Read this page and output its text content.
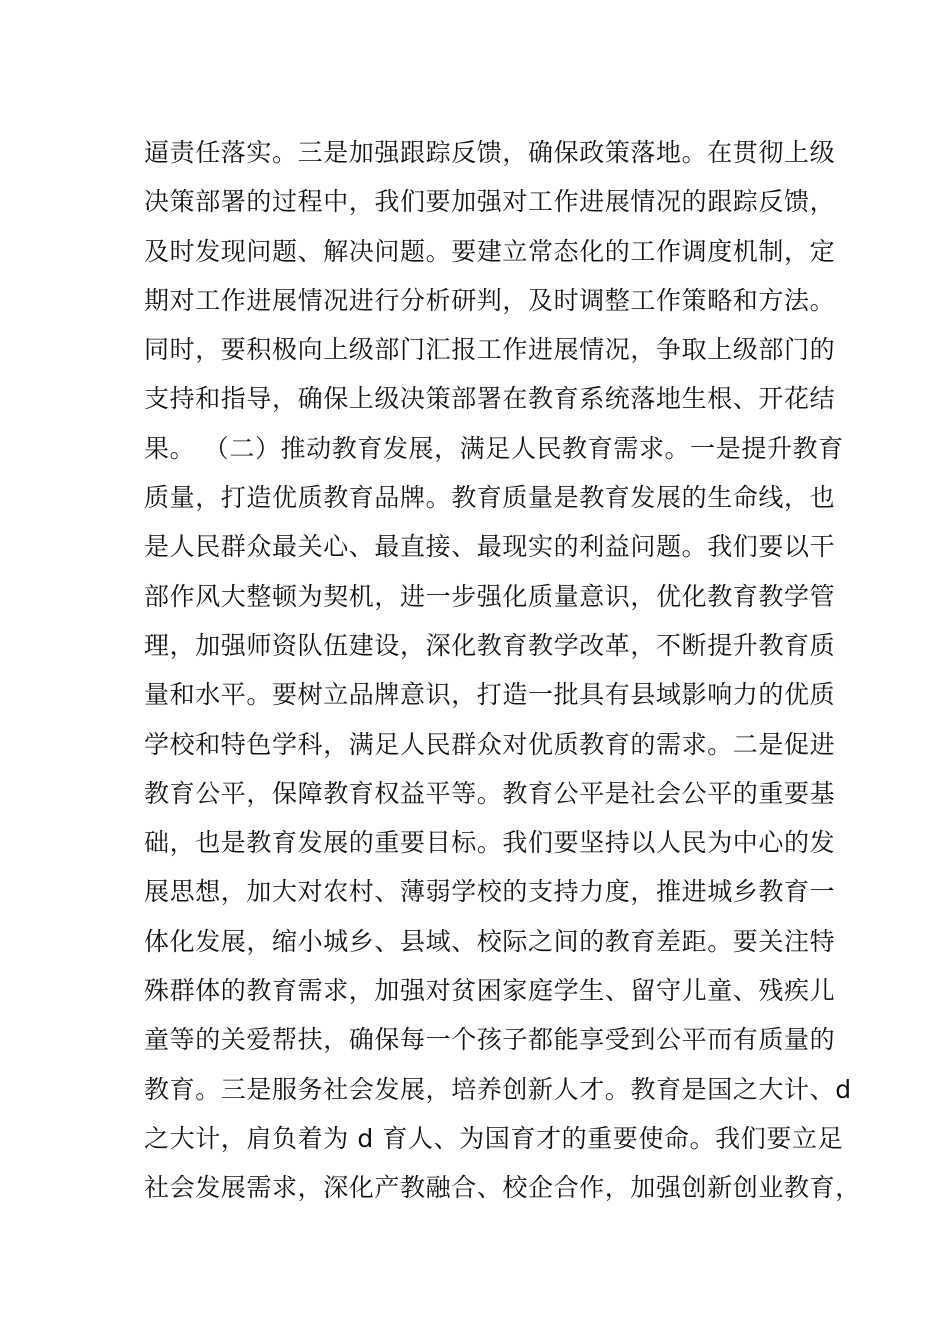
逼责任落实。三是加强跟踪反馈，确保政策落地。在贯彻上级
决策部署的过程中，我们要加强对工作进展情况的跟踪反馈，
及时发现问题、解决问题。要建立常态化的工作调度机制，定
期对工作进展情况进行分析研判，及时调整工作策略和方法。
同时，要积极向上级部门汇报工作进展情况，争取上级部门的
支持和指导，确保上级决策部署在教育系统落地生根、开花结
果。 （二）推动教育发展，满足人民教育需求。一是提升教育
质量，打造优质教育品牌。教育质量是教育发展的生命线，也
是人民群众最关心、最直接、最现实的利益问题。我们要以干
部作风大整顿为契机，进一步强化质量意识，优化教育教学管
理，加强师资队伍建设，深化教育教学改革，不断提升教育质
量和水平。要树立品牌意识，打造一批具有县域影响力的优质
学校和特色学科，满足人民群众对优质教育的需求。二是促进
教育公平，保障教育权益平等。教育公平是社会公平的重要基
础，也是教育发展的重要目标。我们要坚持以人民为中心的发
展思想，加大对农村、薄弱学校的支持力度，推进城乡教育一
体化发展，缩小城乡、县域、校际之间的教育差距。要关注特
殊群体的教育需求，加强对贫困家庭学生、留守儿童、残疾儿
童等的关爱帮扶，确保每一个孩子都能享受到公平而有质量的
教育。三是服务社会发展，培养创新人才。教育是国之大计、d
之大计，肩负着为 d 育人、为国育才的重要使命。我们要立足
社会发展需求，深化产教融合、校企合作，加强创新创业教育，
